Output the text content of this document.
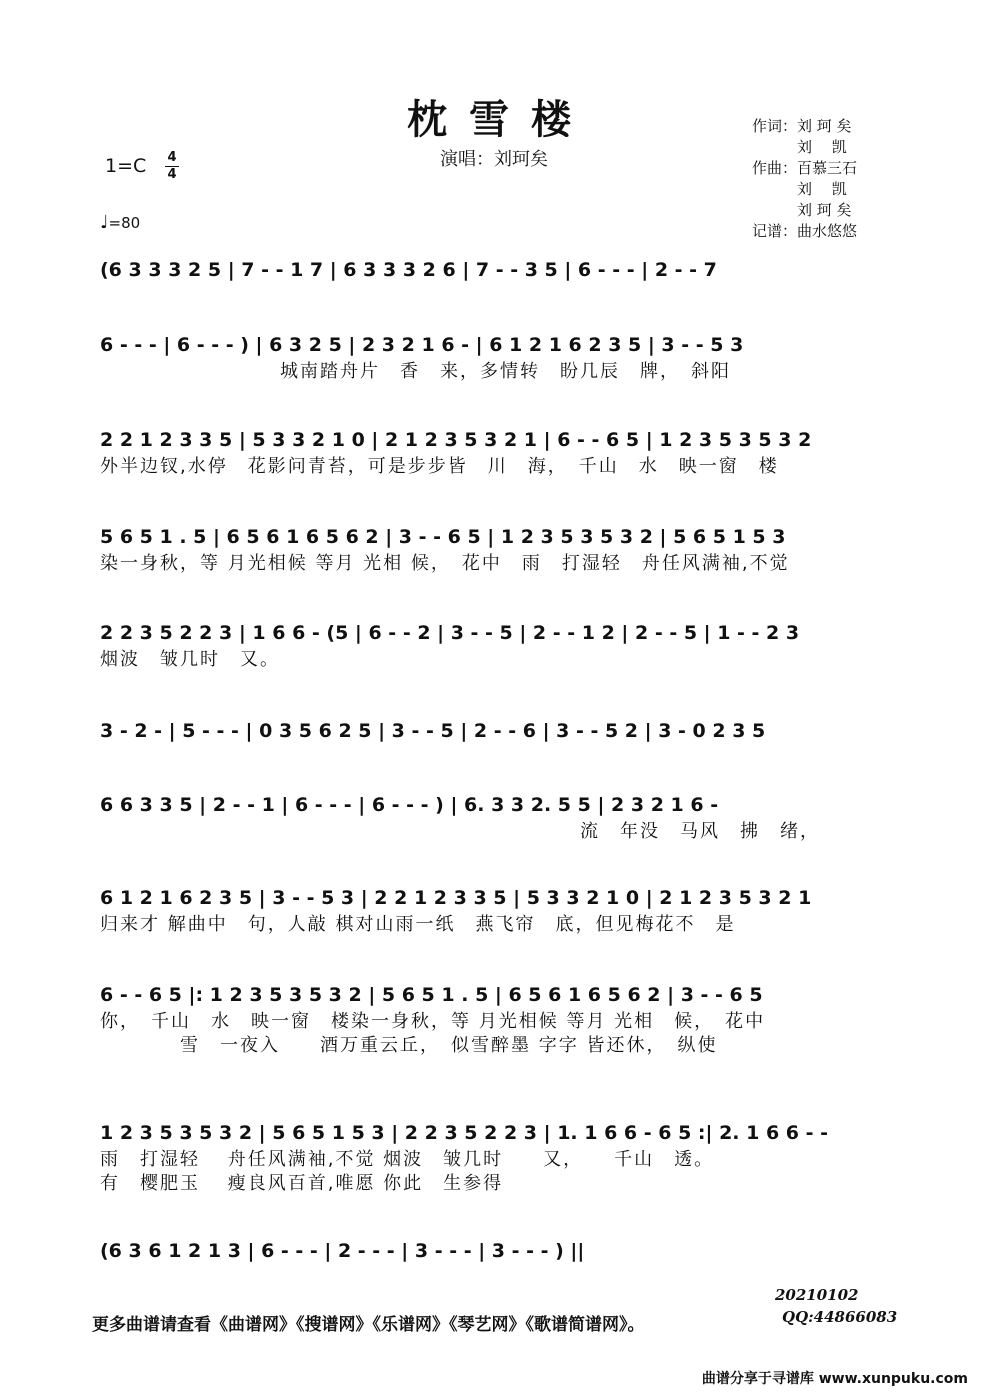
枕雪楼
演唱：刘珂矣
作词：刘 珂 矣
　　　刘　 凯
作曲：百慕三石
　　　刘　 凯
　　　刘 珂 矣
记谱：曲水悠悠
$1=C \frac{4}{4}$
♩=80
(6 3 3 3 2 5 | 7 - - 1 7 | 6 3 3 3 2 6 | 7 - - 3 5 | 6 - - - | 2 - - 7
6 - - - | 6 - - - ) | 6 3 2 5 | 2 3 2 1 6 - | 6 1 2 1 6 2 3 5 | 3 - - 5 3
　　　　　　　　　城南踏舟片　香　来，多情转　盼几辰　牌，　斜阳
2 2 1 2 3 3 5 | 5 3 3 2 1 0 | 2 1 2 3 5 3 2 1 | 6 - - 6 5 | 1 2 3 5 3 5 3 2
外半边钗,水停　花影问青苔，可是步步皆　川　海，　千山　水　映一窗　楼
5 6 5 1 . 5 | 6 5 6 1 6 5 6 2 | 3 - - 6 5 | 1 2 3 5 3 5 3 2 | 5 6 5 1 5 3
染一身秋，等 月光相候 等月 光相 候，　花中　雨　打湿轻　舟任风满袖,不觉
2 2 3 5 2 2 3 | 1 6 6 - (5 | 6 - - 2 | 3 - - 5 | 2 - - 1 2 | 2 - - 5 | 1 - - 2 3
烟波　皱几时　又。
3 - 2 - | 5 - - - | 0 3 5 6 2 5 | 3 - - 5 | 2 - - 6 | 3 - - 5 2 | 3 - 0 2 3 5
6 6 3 3 5 | 2 - - 1 | 6 - - - | 6 - - - ) | 6. 3 3 2. 5 5 | 2 3 2 1 6 -
　　　　　　　　　　　　　　　　　　　　　　　　流　年没　马风　拂　绪，
6 1 2 1 6 2 3 5 | 3 - - 5 3 | 2 2 1 2 3 3 5 | 5 3 3 2 1 0 | 2 1 2 3 5 3 2 1
归来才 解曲中　句，人敲 棋对山雨一纸　燕飞帘　底，但见梅花不　是
6 - - 6 5 |: 1 2 3 5 3 5 3 2 | 5 6 5 1 . 5 | 6 5 6 1 6 5 6 2 | 3 - - 6 5
你，　千山　水　映一窗　楼染一身秋，等 月光相候 等月 光相　候，　花中
　　　　雪　一夜入　　酒万重云丘，　似雪醉墨 字字 皆还休，　纵使
1 2 3 5 3 5 3 2 | 5 6 5 1 5 3 | 2 2 3 5 2 2 3 | 1. 1 6 6 - 6 5 :| 2. 1 6 6 - -
雨　打湿轻　 舟任风满袖,不觉 烟波　皱几时　　又，　　千山　透。
有　樱肥玉　 瘦良风百首,唯愿 你此　生参得
(6 3 6 1 2 1 3 | 6 - - - | 2 - - - | 3 - - - | 3 - - - ) ||
更多曲谱请查看《曲谱网》《搜谱网》《乐谱网》《琴艺网》《歌谱简谱网》。
20210102
QQ:44866083
曲谱分享于寻谱库 www.xunpuku.com
